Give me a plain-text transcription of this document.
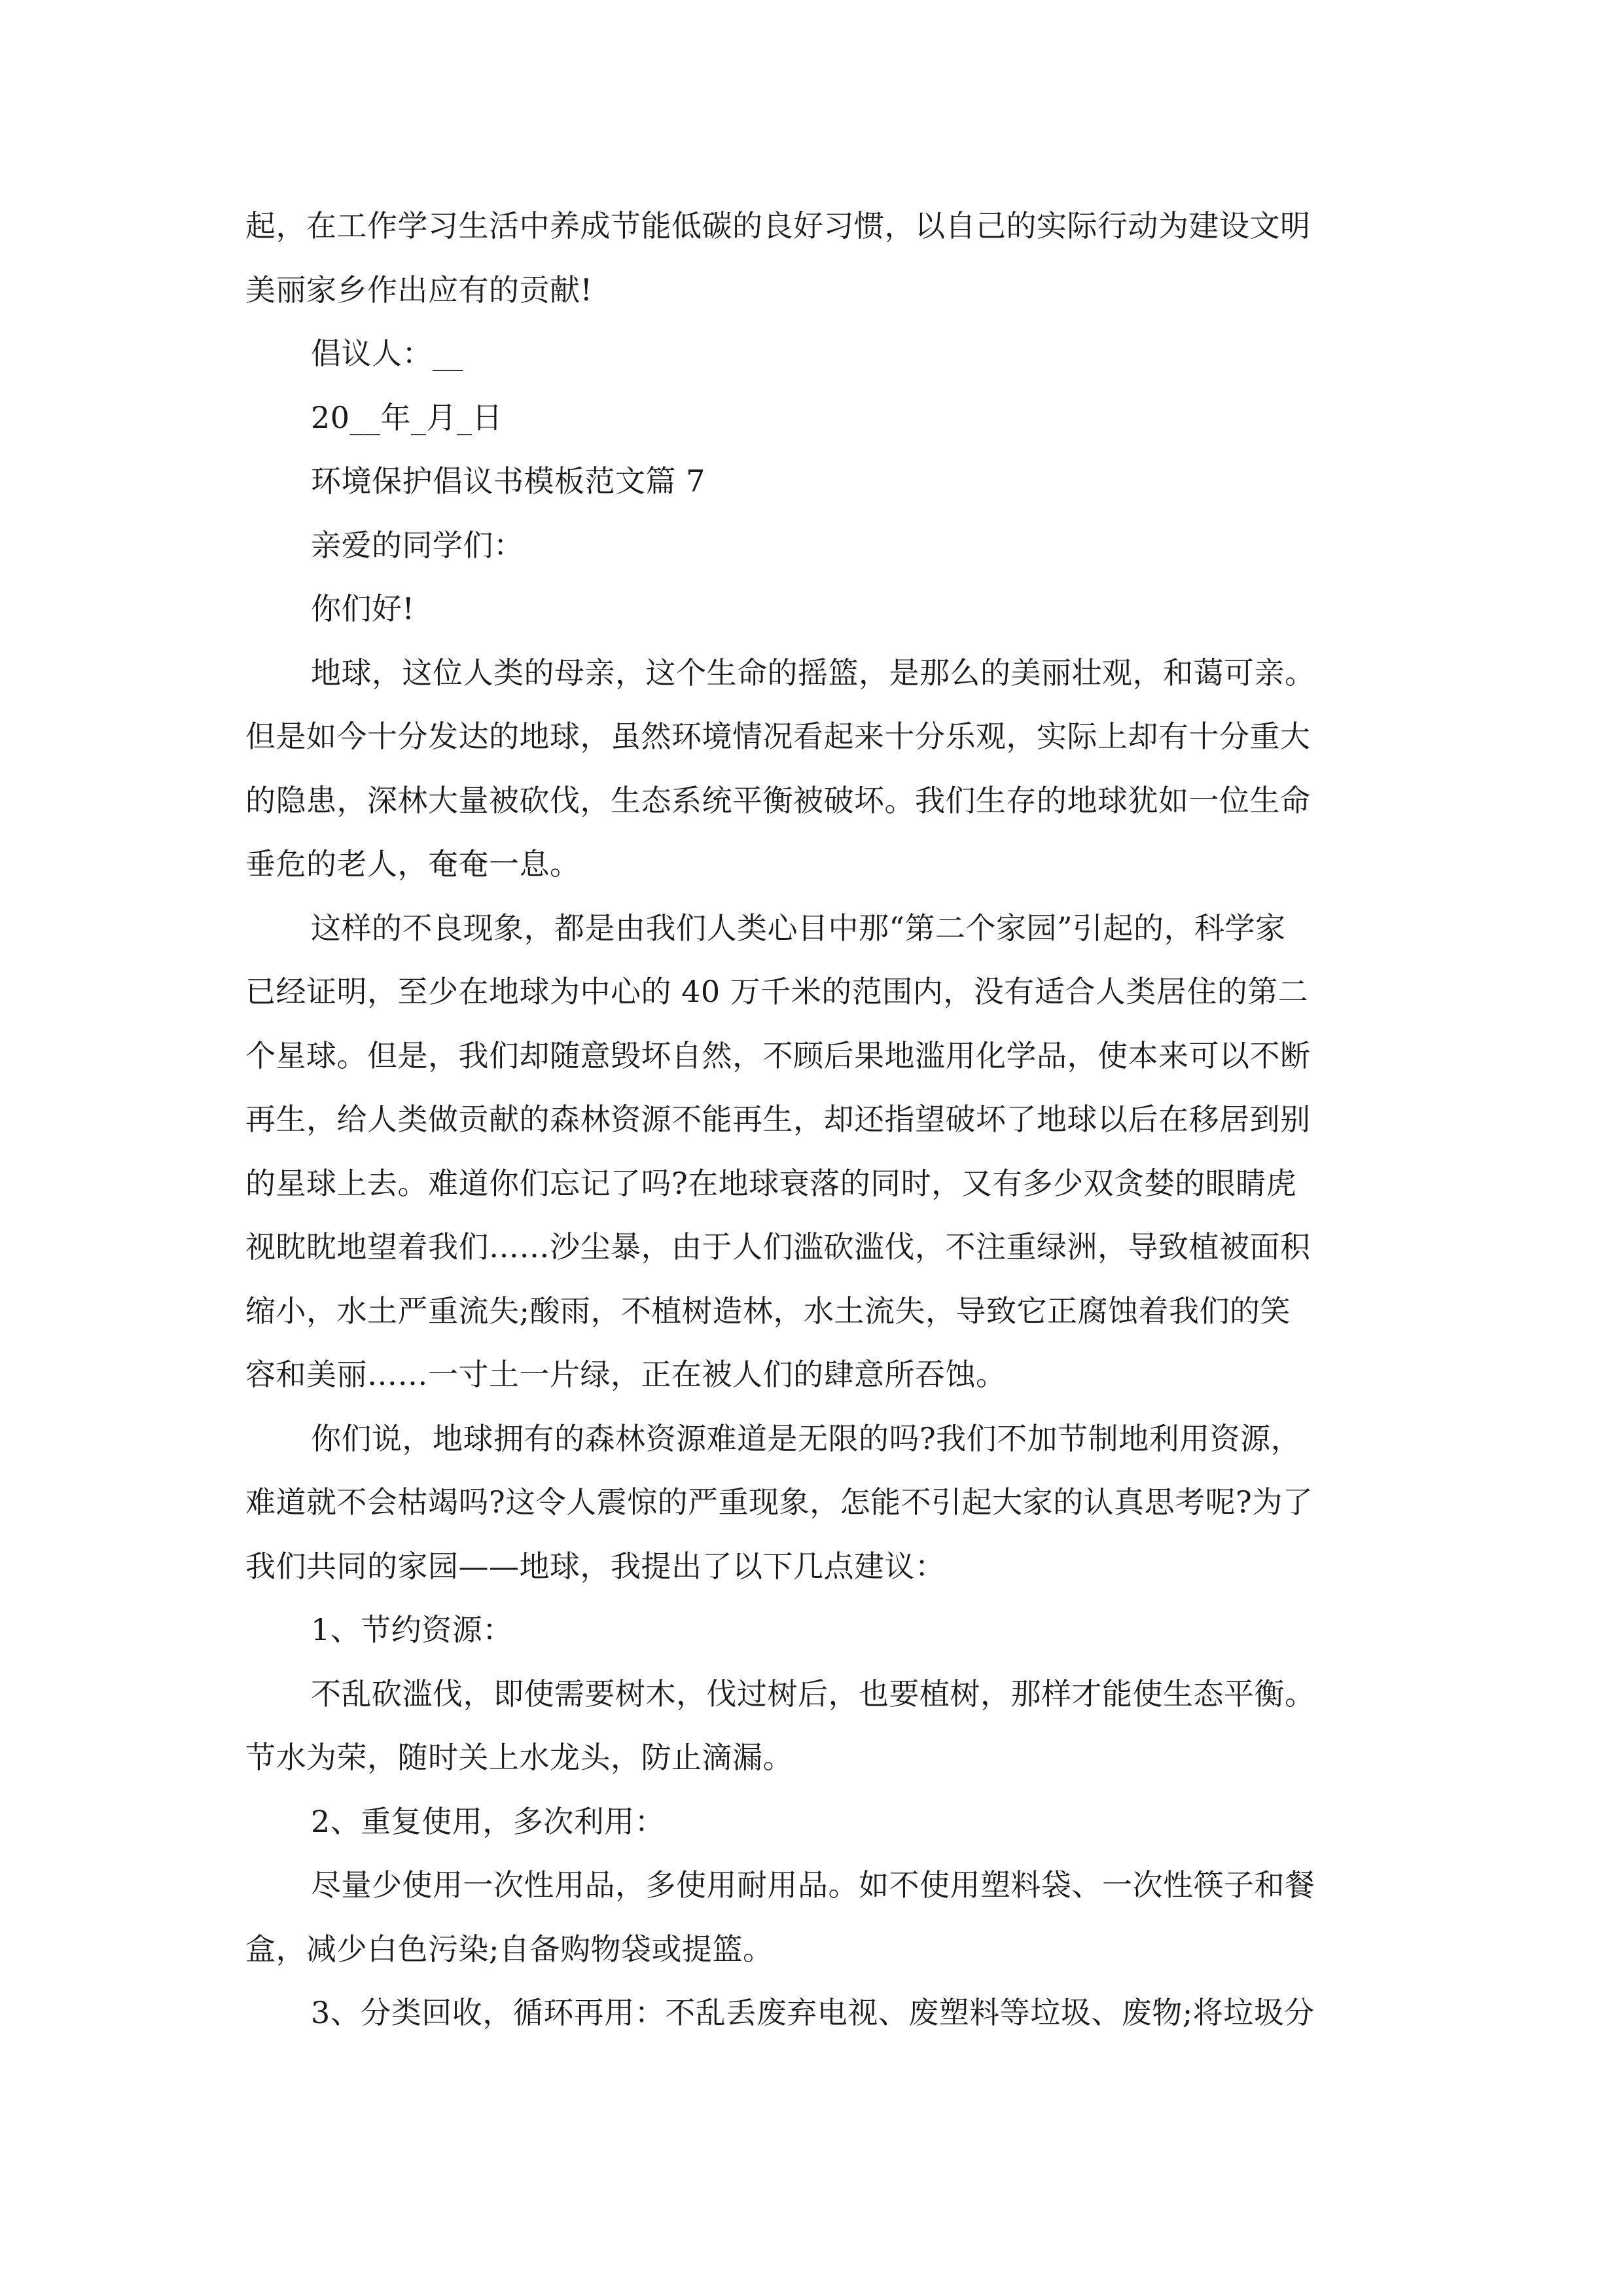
起，在工作学习生活中养成节能低碳的良好习惯，以自己的实际行动为建设文明
美丽家乡作出应有的贡献!
倡议人：__
20__年_月_日
环境保护倡议书模板范文篇 7
亲爱的同学们：
你们好!
地球，这位人类的母亲，这个生命的摇篮，是那么的美丽壮观，和蔼可亲。
但是如今十分发达的地球，虽然环境情况看起来十分乐观，实际上却有十分重大
的隐患，深林大量被砍伐，生态系统平衡被破坏。我们生存的地球犹如一位生命
垂危的老人，奄奄一息。
这样的不良现象，都是由我们人类心目中那“第二个家园”引起的，科学家
已经证明，至少在地球为中心的 40 万千米的范围内，没有适合人类居住的第二
个星球。但是，我们却随意毁坏自然，不顾后果地滥用化学品，使本来可以不断
再生，给人类做贡献的森林资源不能再生，却还指望破坏了地球以后在移居到别
的星球上去。难道你们忘记了吗?在地球衰落的同时，又有多少双贪婪的眼睛虎
视眈眈地望着我们……沙尘暴，由于人们滥砍滥伐，不注重绿洲，导致植被面积
缩小，水土严重流失;酸雨，不植树造林，水土流失，导致它正腐蚀着我们的笑
容和美丽……一寸土一片绿，正在被人们的肆意所吞蚀。
你们说，地球拥有的森林资源难道是无限的吗?我们不加节制地利用资源，
难道就不会枯竭吗?这令人震惊的严重现象，怎能不引起大家的认真思考呢?为了
我们共同的家园——地球，我提出了以下几点建议：
1、节约资源：
不乱砍滥伐，即使需要树木，伐过树后，也要植树，那样才能使生态平衡。
节水为荣，随时关上水龙头，防止滴漏。
2、重复使用，多次利用：
尽量少使用一次性用品，多使用耐用品。如不使用塑料袋、一次性筷子和餐
盒，减少白色污染;自备购物袋或提篮。
3、分类回收，循环再用：不乱丢废弃电视、废塑料等垃圾、废物;将垃圾分
